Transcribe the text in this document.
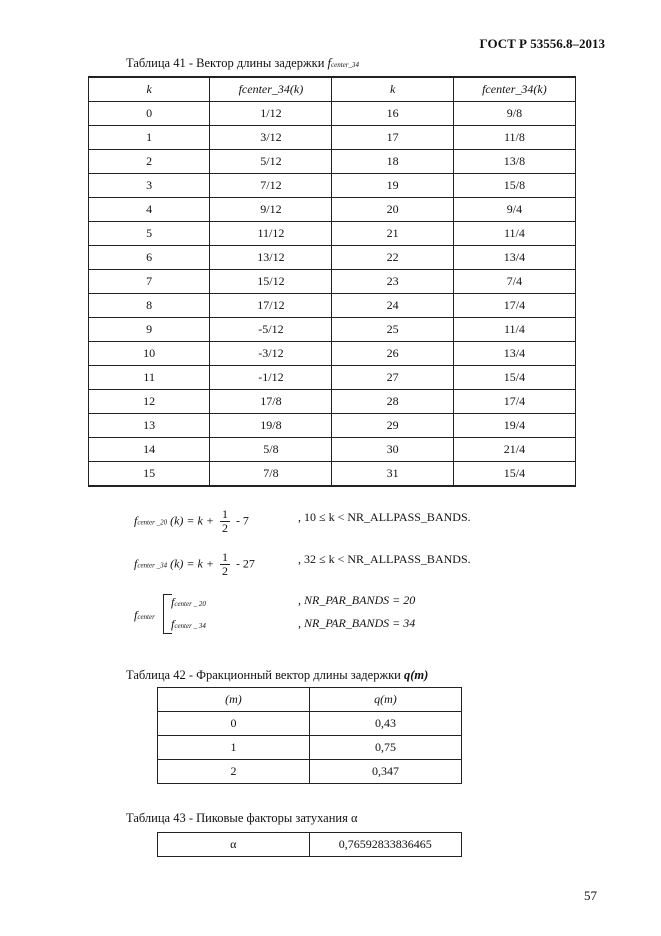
ГОСТ Р 53556.8–2013
Таблица 41 - Вектор длины задержки fcenter_34
k	fcenter_34(k)	k	fcenter_34(k)
0	1/12	16	9/8
1	3/12	17	11/8
2	5/12	18	13/8
3	7/12	19	15/8
4	9/12	20	9/4
5	11/12	21	11/4
6	13/12	22	13/4
7	15/12	23	7/4
8	17/12	24	17/4
9	-5/12	25	11/4
10	-3/12	26	13/4
11	-1/12	27	15/4
12	17/8	28	17/4
13	19/8	29	19/4
14	5/8	30	21/4
15	7/8	31	15/4
fcenter _20 $(k) = k + \frac{1}{2} - 7$	, 10 ≤ k < NR_ALLPASS_BANDS.
fcenter _34 $(k) = k + \frac{1}{2} - 27$	, 32 ≤ k < NR_ALLPASS_BANDS.
fcenter
fcenter _ 20
fcenter _ 34
, NR_PAR_BANDS = 20
, NR_PAR_BANDS = 34
Таблица 42 - Фракционный вектор длины задержки q(m)
(m)	q(m)
0	0,43
1	0,75
2	0,347
Таблица 43 - Пиковые факторы затухания α
α	0,76592833836465
57
